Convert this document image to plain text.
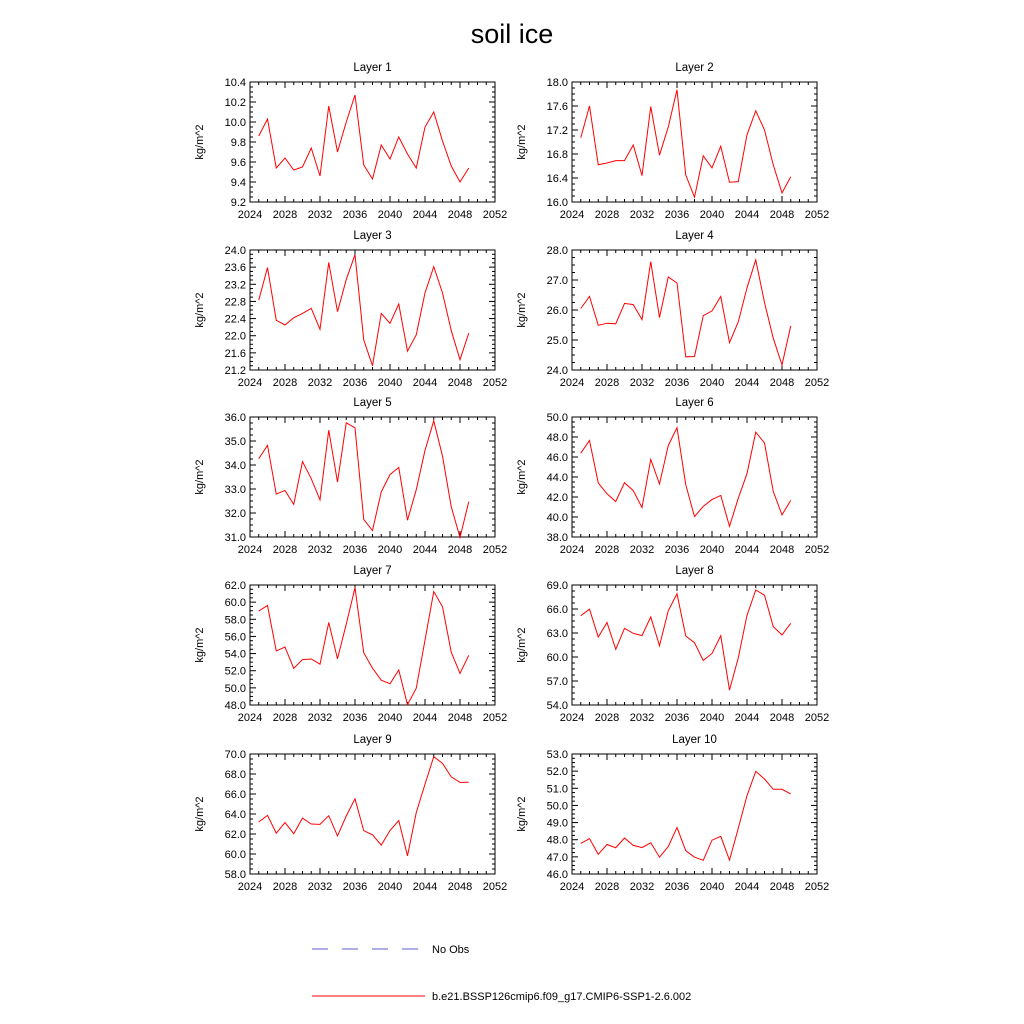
soil ice
Layer 1
2024 2028 2032 2036 2040 2044 2048 2052
9.2
9.4
9.6
9.8
10.0
10.2
10.4
kg/m^2
Layer 2
2024 2028 2032 2036 2040 2044 2048 2052
16.0
16.4
16.8
17.2
17.6
18.0
kg/m^2
Layer 3
2024 2028 2032 2036 2040 2044 2048 2052
21.2
21.6
22.0
22.4
22.8
23.2
23.6
24.0
kg/m^2
Layer 4
2024 2028 2032 2036 2040 2044 2048 2052
24.0
25.0
26.0
27.0
28.0
kg/m^2
Layer 5
2024 2028 2032 2036 2040 2044 2048 2052
31.0
32.0
33.0
34.0
35.0
36.0
kg/m^2
Layer 6
2024 2028 2032 2036 2040 2044 2048 2052
38.0
40.0
42.0
44.0
46.0
48.0
50.0
kg/m^2
Layer 7
2024 2028 2032 2036 2040 2044 2048 2052
48.0
50.0
52.0
54.0
56.0
58.0
60.0
62.0
kg/m^2
Layer 8
2024 2028 2032 2036 2040 2044 2048 2052
54.0
57.0
60.0
63.0
66.0
69.0
kg/m^2
Layer 9
2024 2028 2032 2036 2040 2044 2048 2052
58.0
60.0
62.0
64.0
66.0
68.0
70.0
kg/m^2
Layer 10
2024 2028 2032 2036 2040 2044 2048 2052
46.0
47.0
48.0
49.0
50.0
51.0
52.0
53.0
kg/m^2
No Obs
b.e21.BSSP126cmip6.f09_g17.CMIP6-SSP1-2.6.002
